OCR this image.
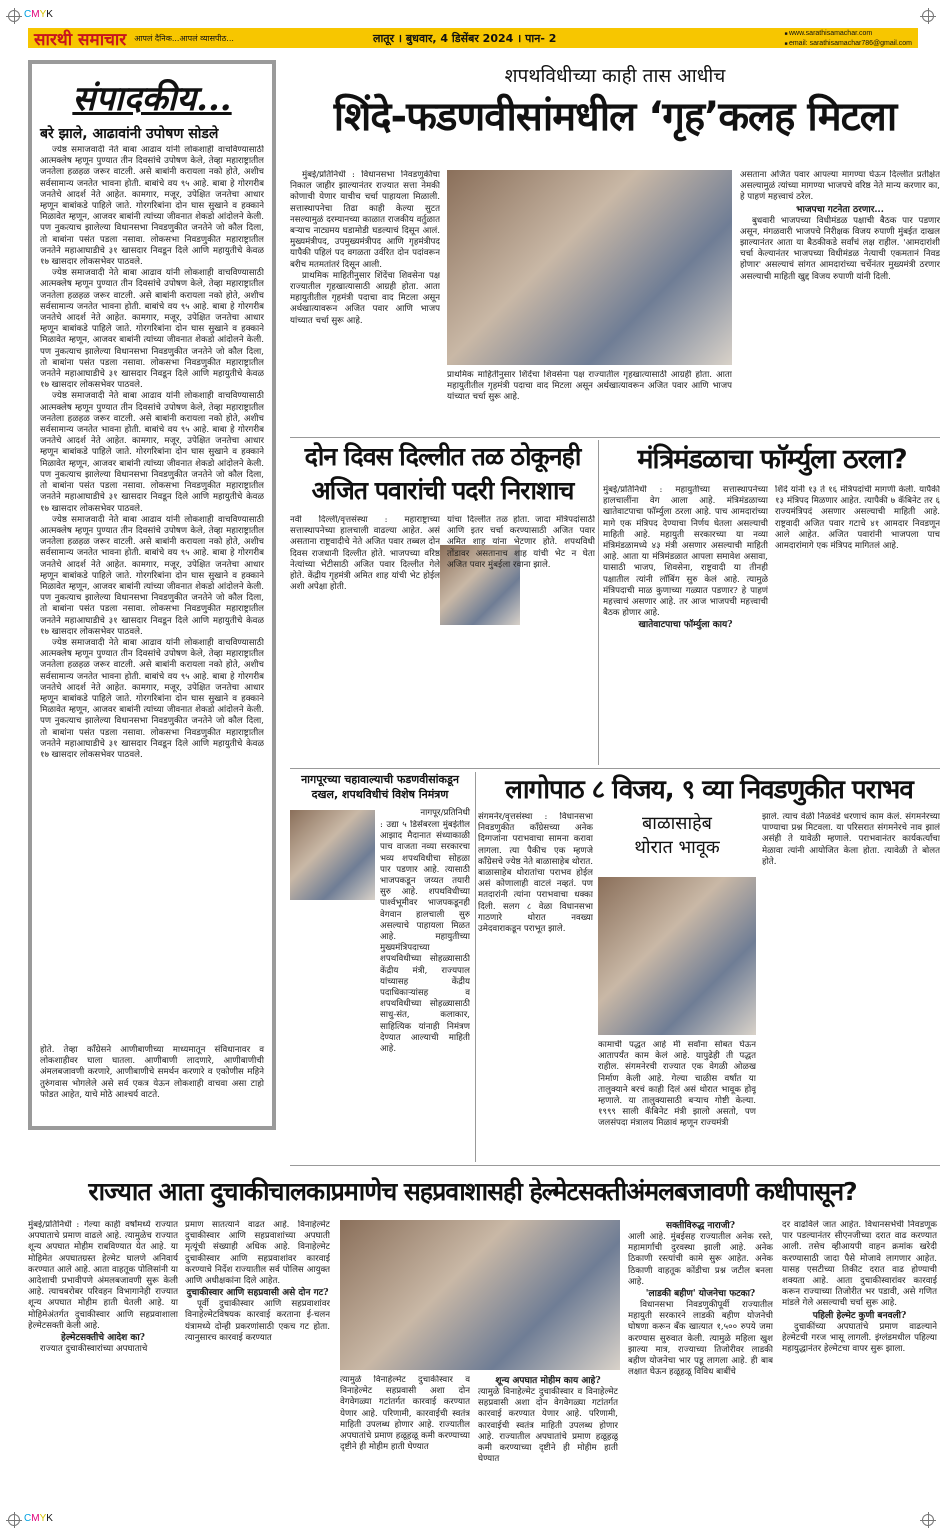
CMYK
सारथी समाचार आपलं दैनिक...आपलं व्यासपीठ...	लातूर । बुधवार, 4 डिसेंबर 2024 । पान- 2	■ www.sarathisamachar.com
■ email: sarathisamachar786@gmail.com
संपादकीय...
बरे झाले, आढावांनी उपोषण सोडले

ज्येष्ठ समाजवादी नेते बाबा आढाव यांनी लोकशाही वाचविण्यासाठी आत्मक्लेष म्हणून पुण्यात तीन दिवसांचे उपोषण केले, तेव्हा महाराष्ट्रातील जनतेला हळहळ जरूर वाटली. असे बाबांनी करायला नको होते, अशीच सर्वसामान्य जनतेत भावना होती. बाबांचे वय ९५ आहे. बाबा हे गोरगरीब जनतेचे आदर्श नेते आहेत. कामगार, मजूर, उपेक्षित जनतेचा आधार म्हणून बाबांकडे पाहिले जाते. गोरगरिबांना दोन घास सुखाने व हक्काने मिळावेत म्हणून, आजवर बाबांनी त्यांच्या जीवनात शेकडो आंदोलने केली. पण नुकत्याच झालेल्या विधानसभा निवडणुकीत जनतेने जो कौल दिला, तो बाबांना पसंत पडला नसावा. लोकसभा निवडणुकीत महाराष्ट्रातील जनतेने महाआघाडीचे ३१ खासदार निवडून दिले आणि महायुतीचे केवळ १७ खासदार लोकसभेवर पाठवले.

ज्येष्ठ समाजवादी नेते बाबा आढाव यांनी लोकशाही वाचविण्यासाठी आत्मक्लेष म्हणून पुण्यात तीन दिवसांचे उपोषण केले, तेव्हा महाराष्ट्रातील जनतेला हळहळ जरूर वाटली. असे बाबांनी करायला नको होते, अशीच सर्वसामान्य जनतेत भावना होती. बाबांचे वय ९५ आहे. बाबा हे गोरगरीब जनतेचे आदर्श नेते आहेत. कामगार, मजूर, उपेक्षित जनतेचा आधार म्हणून बाबांकडे पाहिले जाते. गोरगरिबांना दोन घास सुखाने व हक्काने मिळावेत म्हणून, आजवर बाबांनी त्यांच्या जीवनात शेकडो आंदोलने केली. पण नुकत्याच झालेल्या विधानसभा निवडणुकीत जनतेने जो कौल दिला, तो बाबांना पसंत पडला नसावा. लोकसभा निवडणुकीत महाराष्ट्रातील जनतेने महाआघाडीचे ३१ खासदार निवडून दिले आणि महायुतीचे केवळ १७ खासदार लोकसभेवर पाठवले.

ज्येष्ठ समाजवादी नेते बाबा आढाव यांनी लोकशाही वाचविण्यासाठी आत्मक्लेष म्हणून पुण्यात तीन दिवसांचे उपोषण केले, तेव्हा महाराष्ट्रातील जनतेला हळहळ जरूर वाटली. असे बाबांनी करायला नको होते, अशीच सर्वसामान्य जनतेत भावना होती. बाबांचे वय ९५ आहे. बाबा हे गोरगरीब जनतेचे आदर्श नेते आहेत. कामगार, मजूर, उपेक्षित जनतेचा आधार म्हणून बाबांकडे पाहिले जाते. गोरगरिबांना दोन घास सुखाने व हक्काने मिळावेत म्हणून, आजवर बाबांनी त्यांच्या जीवनात शेकडो आंदोलने केली. पण नुकत्याच झालेल्या विधानसभा निवडणुकीत जनतेने जो कौल दिला, तो बाबांना पसंत पडला नसावा. लोकसभा निवडणुकीत महाराष्ट्रातील जनतेने महाआघाडीचे ३१ खासदार निवडून दिले आणि महायुतीचे केवळ १७ खासदार लोकसभेवर पाठवले.

ज्येष्ठ समाजवादी नेते बाबा आढाव यांनी लोकशाही वाचविण्यासाठी आत्मक्लेष म्हणून पुण्यात तीन दिवसांचे उपोषण केले, तेव्हा महाराष्ट्रातील जनतेला हळहळ जरूर वाटली. असे बाबांनी करायला नको होते, अशीच सर्वसामान्य जनतेत भावना होती. बाबांचे वय ९५ आहे. बाबा हे गोरगरीब जनतेचे आदर्श नेते आहेत. कामगार, मजूर, उपेक्षित जनतेचा आधार म्हणून बाबांकडे पाहिले जाते. गोरगरिबांना दोन घास सुखाने व हक्काने मिळावेत म्हणून, आजवर बाबांनी त्यांच्या जीवनात शेकडो आंदोलने केली. पण नुकत्याच झालेल्या विधानसभा निवडणुकीत जनतेने जो कौल दिला, तो बाबांना पसंत पडला नसावा. लोकसभा निवडणुकीत महाराष्ट्रातील जनतेने महाआघाडीचे ३१ खासदार निवडून दिले आणि महायुतीचे केवळ १७ खासदार लोकसभेवर पाठवले.

ज्येष्ठ समाजवादी नेते बाबा आढाव यांनी लोकशाही वाचविण्यासाठी आत्मक्लेष म्हणून पुण्यात तीन दिवसांचे उपोषण केले, तेव्हा महाराष्ट्रातील जनतेला हळहळ जरूर वाटली. असे बाबांनी करायला नको होते, अशीच सर्वसामान्य जनतेत भावना होती. बाबांचे वय ९५ आहे. बाबा हे गोरगरीब जनतेचे आदर्श नेते आहेत. कामगार, मजूर, उपेक्षित जनतेचा आधार म्हणून बाबांकडे पाहिले जाते. गोरगरिबांना दोन घास सुखाने व हक्काने मिळावेत म्हणून, आजवर बाबांनी त्यांच्या जीवनात शेकडो आंदोलने केली. पण नुकत्याच झालेल्या विधानसभा निवडणुकीत जनतेने जो कौल दिला, तो बाबांना पसंत पडला नसावा. लोकसभा निवडणुकीत महाराष्ट्रातील जनतेने महाआघाडीचे ३१ खासदार निवडून दिले आणि महायुतीचे केवळ १७ खासदार लोकसभेवर पाठवले.

होते. तेव्हा काँग्रेसने आणीबाणीच्या माध्यमातून संविधानावर व लोकशाहीवर घाला घातला. आणीबाणी लादणारे, आणीबाणीची अंमलबजावणी करणारे, आणीबाणीचे समर्थन करणारे व एकोणीस महिने तुरुंगवास भोगलेले असे सर्व एकत्र येऊन लोकशाही वाचवा असा टाहो फोडत आहेत, याचे मोठे आश्चर्य वाटते.
शपथविधीच्या काही तास आधीच
शिंदे-फडणवीसांमधील ‘गृह’कलह मिटला

मुंबई/प्रतिनिधी : विधानसभा निवडणुकीचा निकाल जाहीर झाल्यानंतर राज्यात सत्ता नेमकी कोणाची येणार याचीच चर्चा पाहायला मिळाली. सत्तास्थापनेचा तिढा काही केल्या सुटत नसल्यामुळं दरम्यानच्या काळात राजकीय वर्तुळात बऱ्याच नाट्यमय घडामोडी घडल्याचं दिसून आलं. मुख्यमंत्रीपद, उपमुख्यमंत्रीपद आणि गृहमंत्रीपद यापैकी पहिलं पद वगळता उर्वरित दोन पदांवरून बरीच मतमतांतरं दिसून आली.

प्राथमिक माहितीनुसार शिंदेंचा शिवसेना पक्ष राज्यातील गृहखात्यासाठी आग्रही होता. आता महायुतीतील गृहमंत्री पदाचा वाद मिटला असून अर्थखात्यावरून अजित पवार आणि भाजप यांच्यात चर्चा सुरू आहे.

प्राथमिक माहितीनुसार शिंदेंचा शिवसेना पक्ष राज्यातील गृहखात्यासाठी आग्रही होता. आता महायुतीतील गृहमंत्री पदाचा वाद मिटला असून अर्थखात्यावरून अजित पवार आणि भाजप यांच्यात चर्चा सुरू आहे.
असताना अजित पवार आपल्या मागण्या घेऊन दिल्लीत प्रतीक्षेत असल्यामुळं त्यांच्या मागण्या भाजपचे वरिष्ठ नेते मान्य करणार का, हे पाहणं महत्त्वाचं ठरेल.
भाजपचा गटनेता ठरणार...

बुधवारी भाजपच्या विधीमंडळ पक्षाची बैठक पार पडणार असून, मंगळवारी भाजपचे निरीक्षक विजय रुपाणी मुंबईत दाखल झाल्यानंतर आता या बैठकीकडे सर्वांचं लक्ष राहील. 'आमदारांशी चर्चा केल्यानंतर भाजपच्या विधीमंडळ नेत्याची एकमतानं निवड होणार' असल्याचं सांगत आमदारांच्या चर्चेनंतर मुख्यमंत्री ठरणार असल्याची माहिती खुद्द विजय रुपाणी यांनी दिली.

दोन दिवस दिल्लीत तळ ठोकूनही
अजित पवारांची पदरी निराशाच
नवी दिल्ली/वृत्तसंस्था : महाराष्ट्राच्या सत्तास्थापनेच्या हालचाली वाढल्या आहेत. असं असताना राष्ट्रवादीचे नेते अजित पवार तब्बल दोन दिवस राजधानी दिल्लीत होते. भाजपच्या वरिष्ठ नेत्यांच्या भेटीसाठी अजित पवार दिल्लीत गेले होते. केंद्रीय गृहमंत्री अमित शाह यांची भेट होईल अशी अपेक्षा होती.
यांचा दिल्लीत तळ होता. जादा मंत्रिपदांसाठी आणि इतर चर्चा करण्यासाठी अजित पवार अमित शाह यांना भेटणार होते. शपथविधी तोंडावर असतानाच शाह यांची भेट न घेता अजित पवार मुंबईला रवाना झाले.
मंत्रिमंडळाचा फॉर्म्युला ठरला?
मुंबई/प्रतिनिधी : महायुतीच्या सत्तास्थापनेच्या हालचालींना वेग आला आहे. मंत्रिमंडळाच्या खातेवाटपाचा फॉर्म्युला ठरला आहे. पाच आमदारांच्या मागे एक मंत्रिपद देण्याचा निर्णय घेतला असल्याची माहिती आहे. महायुती सरकारच्या या नव्या मंत्रिमंडळामध्ये ४३ मंत्री असणार असल्याची माहिती आहे. आता या मंत्रिमंडळात आपला समावेश असावा, यासाठी भाजप, शिवसेना, राष्ट्रवादी या तीनही पक्षातील त्यांनी लॉबिंग सुरु केलं आहे. त्यामुळे मंत्रिपदाची माळ कुणाच्या गळ्यात पडणार? हे पाहणं महत्त्वाचं असणार आहे. तर आज भाजपची महत्त्वाची बैठक होणार आहे.
खातेवाटपाचा फॉर्म्युला काय?
शिंदे यांनी १३ ते १६ मंत्रिपदांची मागणी केली. यापैकी १३ मंत्रिपद मिळणार आहेत. त्यापैकी ७ कॅबिनेट तर ६ राज्यमंत्रिपदं असणार असल्याची माहिती आहे. राष्ट्रवादी अजित पवार गटाचे ४१ आमदार निवडणून आले आहेत. अजित पवारांनी भाजपला पाच आमदारांमागे एक मंत्रिपद मागितलं आहे.
नागपूरच्या चहावाल्याची फडणवीसांकडून दखल, शपथविधीचं विशेष निमंत्रण
नागपूर/प्रतिनिधी
: उद्या ५ डिसेंबरला मुंबईतील आझाद मैदानात संध्याकाळी पाच वाजता नव्या सरकारचा भव्य शपथविधीचा सोहळा पार पडणार आहे. त्यासाठी भाजपकडून जय्यत तयारी सुरु आहे. शपथविधीच्या पार्श्वभूमीवर भाजपकडूनही वेगवान हालचाली सुरु असल्याचे पाहायला मिळत आहे. महायुतीच्या मुख्यमंत्रिपदाच्या शपथविधीच्या सोहळ्यासाठी केंद्रीय मंत्री, राज्यपाल यांच्यासह केंद्रीय पदाधिकाऱ्यांसह व शपथविधीच्या सोहळ्यासाठी साधु-संत, कलाकार, साहित्यिक यांनाही निमंत्रण देण्यात आल्याची माहिती आहे.
लागोपाठ ८ विजय, ९ व्या निवडणुकीत पराभव
संगमनेर/वृत्तसंस्था : विधानसभा निवडणुकीत काँग्रेसच्या अनेक दिग्गजांना पराभवाचा सामना करावा लागला. त्या पैकीच एक म्हणजे काँग्रेसचे ज्येष्ठ नेते बाळासाहेब थोरात. बाळासाहेब थोरातांचा पराभव होईल असं कोणालाही वाटलं नव्हतं. पण मतदारांनी त्यांना पराभवाचा धक्का दिली. सलग ८ वेळा विधानसभा गाठणारे थोरात नवख्या उमेदवाराकडून पराभूत झाले.
बाळासाहेब
थोरात भावूक
कामाची पद्धत आहे मी सर्वांना सोबत घेऊन आतापर्यंत काम केलं आहे. यापुढेही ती पद्धत राहील. संगमनेरची राज्यात एक वेगळी ओळख निर्माण केली आहे. गेल्या चाळीस वर्षांत या तालुक्याने बरचं काही दिलं असं थोरात भावूक होवू म्हणाले. या तालुक्यासाठी बऱ्याच गोष्टी केल्या. १९९९ साली कॅबिनेट मंत्री झालो असतो, पण जलसंपदा मंत्रालय मिळावं म्हणून राज्यमंत्री
झाले. त्याच वेळी निळवंडे धरणाचं काम केलं. संगमनेरच्या पाण्याचा प्रश्न मिटवला. या परिसरात संगमनेरचे नाव झालं असंही ते यावेळी म्हणाले. पराभवानंतर कार्यकर्त्यांचा मेळावा त्यांनी आयोजित केला होता. त्यावेळी ते बोलत होते.
राज्यात आता दुचाकीचालकाप्रमाणेच सहप्रवाशासही हेल्मेटसक्तीअंमलबजावणी कधीपासून?
मुंबई/प्रतिनिधी : गेल्या काही वर्षांमध्ये राज्यात अपघाताचे प्रमाण वाढले आहे. त्यामुळेच राज्यात शून्य अपघात मोहीम राबविण्यात येत आहे. या मोहिमेत अपघातग्रस्त हेल्मेट घालणे अनिवार्य करण्यात आले आहे. आता वाहतूक पोलिसांनी या आदेशाची प्रभावीपणे अंमलबजावणी सुरू केली आहे. त्याचबरोबर परिवहन विभागानेही राज्यात शून्य अपघात मोहीम हाती घेतली आहे. या मोहिमेअंतर्गत दुचाकीस्वार आणि सहप्रवाशाला हेल्मेटसक्ती केली आहे.
हेल्मेटसक्तीचे आदेश का?

राज्यात दुचाकीस्वारांच्या अपघाताचे

प्रमाण सातत्याने वाढत आहे. विनाहेल्मेट दुचाकीस्वार आणि सहप्रवाशांच्या अपघाती मृत्यूंची संख्याही अधिक आहे. विनाहेल्मेट दुचाकीस्वार आणि सहप्रवाशांवर कारवाई करण्याचे निर्देश राज्यातील सर्व पोलिस आयुक्त आणि अधीक्षकांना दिले आहेत.
दुचाकीस्वार आणि सहप्रवासी असे दोन गट?

पूर्वी दुचाकीस्वार आणि सहप्रवाशांवर विनाहेल्मेटविषयक कारवाई करताना ई-चलन यंत्रामध्ये दोन्ही प्रकरणांसाठी एकच गट होता. त्यानुसारच कारवाई करण्यात

त्यामुळे विनाहेल्मेट दुचाकीस्वार व विनाहेल्मेट सहप्रवासी अशा दोन वेगवेगळ्या गटांतर्गत कारवाई करण्यात येणार आहे. परिणामी, कारवाईची स्वतंत्र माहिती उपलब्ध होणार आहे. राज्यातील अपघातांचे प्रमाण हळूहळू कमी करण्याच्या दृष्टीने ही मोहीम हाती घेण्यात
शून्य अपघात मोहीम काय आहे?
त्यामुळे विनाहेल्मेट दुचाकीस्वार व विनाहेल्मेट सहप्रवासी अशा दोन वेगवेगळ्या गटांतर्गत कारवाई करण्यात येणार आहे. परिणामी, कारवाईची स्वतंत्र माहिती उपलब्ध होणार आहे. राज्यातील अपघातांचे प्रमाण हळूहळू कमी करण्याच्या दृष्टीने ही मोहीम हाती घेण्यात
सक्तीविरुद्ध नाराजी?
आली आहे. मुंबईसह राज्यातील अनेक रस्ते, महामार्गांची दुरवस्था झाली आहे. अनेक ठिकाणी रस्त्यांची कामे सुरू आहेत. अनेक ठिकाणी वाहतूक कोंडीचा प्रश्न जटील बनला आहे.
'लाडकी बहीण' योजनेचा फटका?

विधानसभा निवडणुकीपूर्वी राज्यातील महायुती सरकारने लाडकी बहीण योजनेची घोषणा करून बँक खात्यात १,५०० रुपये जमा करण्यास सुरुवात केली. त्यामुळे महिला खुश झाल्या मात्र, राज्याच्या तिजोरीवर लाडकी बहीण योजनेचा भार पडू लागला आहे. ही बाब लक्षात घेऊन हळूहळू विविध बाबींचे

दर वाढविले जात आहेत. विधानसभेची निवडणूक पार पडल्यानंतर सीएनजीच्या दरात वाढ करण्यात आली. तसेच व्हीआयपी वाहन क्रमांक खरेदी करण्यासाठी जादा पैसे मोजावे लागणार आहेत. यासह एसटीच्या तिकीट दरात वाढ होण्याची शक्यता आहे. आता दुचाकीस्वारांवर कारवाई करून राज्याच्या तिजोरीत भर पडावी, असे गणित मांडले गेले असल्याची चर्चा सुरू आहे.
पहिली हेल्मेट कुणी बनवली?

दुचाकींच्या अपघातांचे प्रमाण वाढल्याने हेल्मेटची गरज भासू लागली. इंग्लंडमधील पहिल्या महायुद्धानंतर हेल्मेटचा वापर सुरू झाला.

CMYK
